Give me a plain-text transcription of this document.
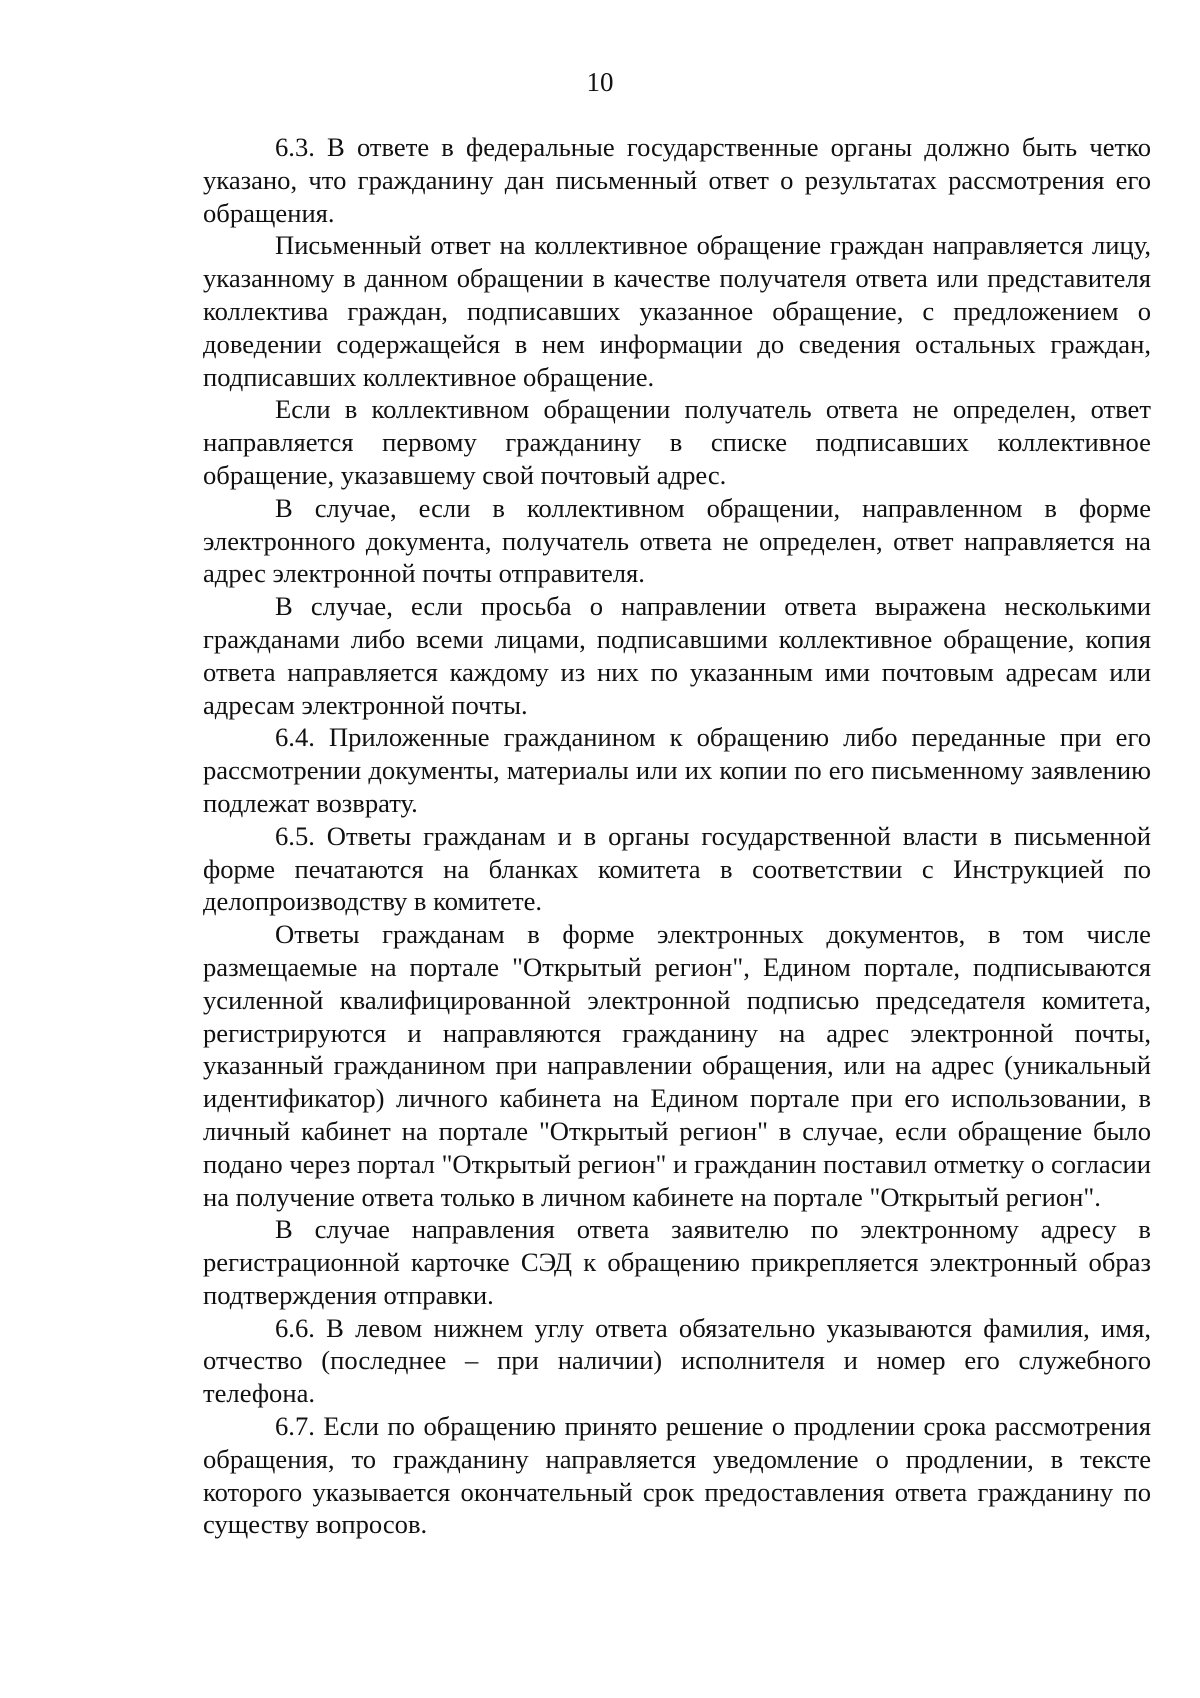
10

6.3. В ответе в федеральные государственные органы должно быть четко указано, что гражданину дан письменный ответ о результатах рассмотрения его обращения.

Письменный ответ на коллективное обращение граждан направляется лицу, указанному в данном обращении в качестве получателя ответа или представителя коллектива граждан, подписавших указанное обращение, с предложением о доведении содержащейся в нем информации до сведения остальных граждан, подписавших коллективное обращение.

Если в коллективном обращении получатель ответа не определен, ответ направляется первому гражданину в списке подписавших коллективное обращение, указавшему свой почтовый адрес.

В случае, если в коллективном обращении, направленном в форме электронного документа, получатель ответа не определен, ответ направляется на адрес электронной почты отправителя.

В случае, если просьба о направлении ответа выражена несколькими гражданами либо всеми лицами, подписавшими коллективное обращение, копия ответа направляется каждому из них по указанным ими почтовым адресам или адресам электронной почты.

6.4. Приложенные гражданином к обращению либо переданные при его рассмотрении документы, материалы или их копии по его письменному заявлению подлежат возврату.

6.5. Ответы гражданам и в органы государственной власти в письменной форме печатаются на бланках комитета в соответствии с Инструкцией по делопроизводству в комитете.

Ответы гражданам в форме электронных документов, в том числе размещаемые на портале "Открытый регион", Едином портале, подписываются усиленной квалифицированной электронной подписью председателя комитета, регистрируются и направляются гражданину на адрес электронной почты, указанный гражданином при направлении обращения, или на адрес (уникальный идентификатор) личного кабинета на Едином портале при его использовании, в личный кабинет на портале "Открытый регион" в случае, если обращение было подано через портал "Открытый регион" и гражданин поставил отметку о согласии на получение ответа только в личном кабинете на портале "Открытый регион".

В случае направления ответа заявителю по электронному адресу в регистрационной карточке СЭД к обращению прикрепляется электронный образ подтверждения отправки.

6.6. В левом нижнем углу ответа обязательно указываются фамилия, имя, отчество (последнее – при наличии) исполнителя и номер его служебного телефона.

6.7. Если по обращению принято решение о продлении срока рассмотрения обращения, то гражданину направляется уведомление о продлении, в тексте которого указывается окончательный срок предоставления ответа гражданину по существу вопросов.
